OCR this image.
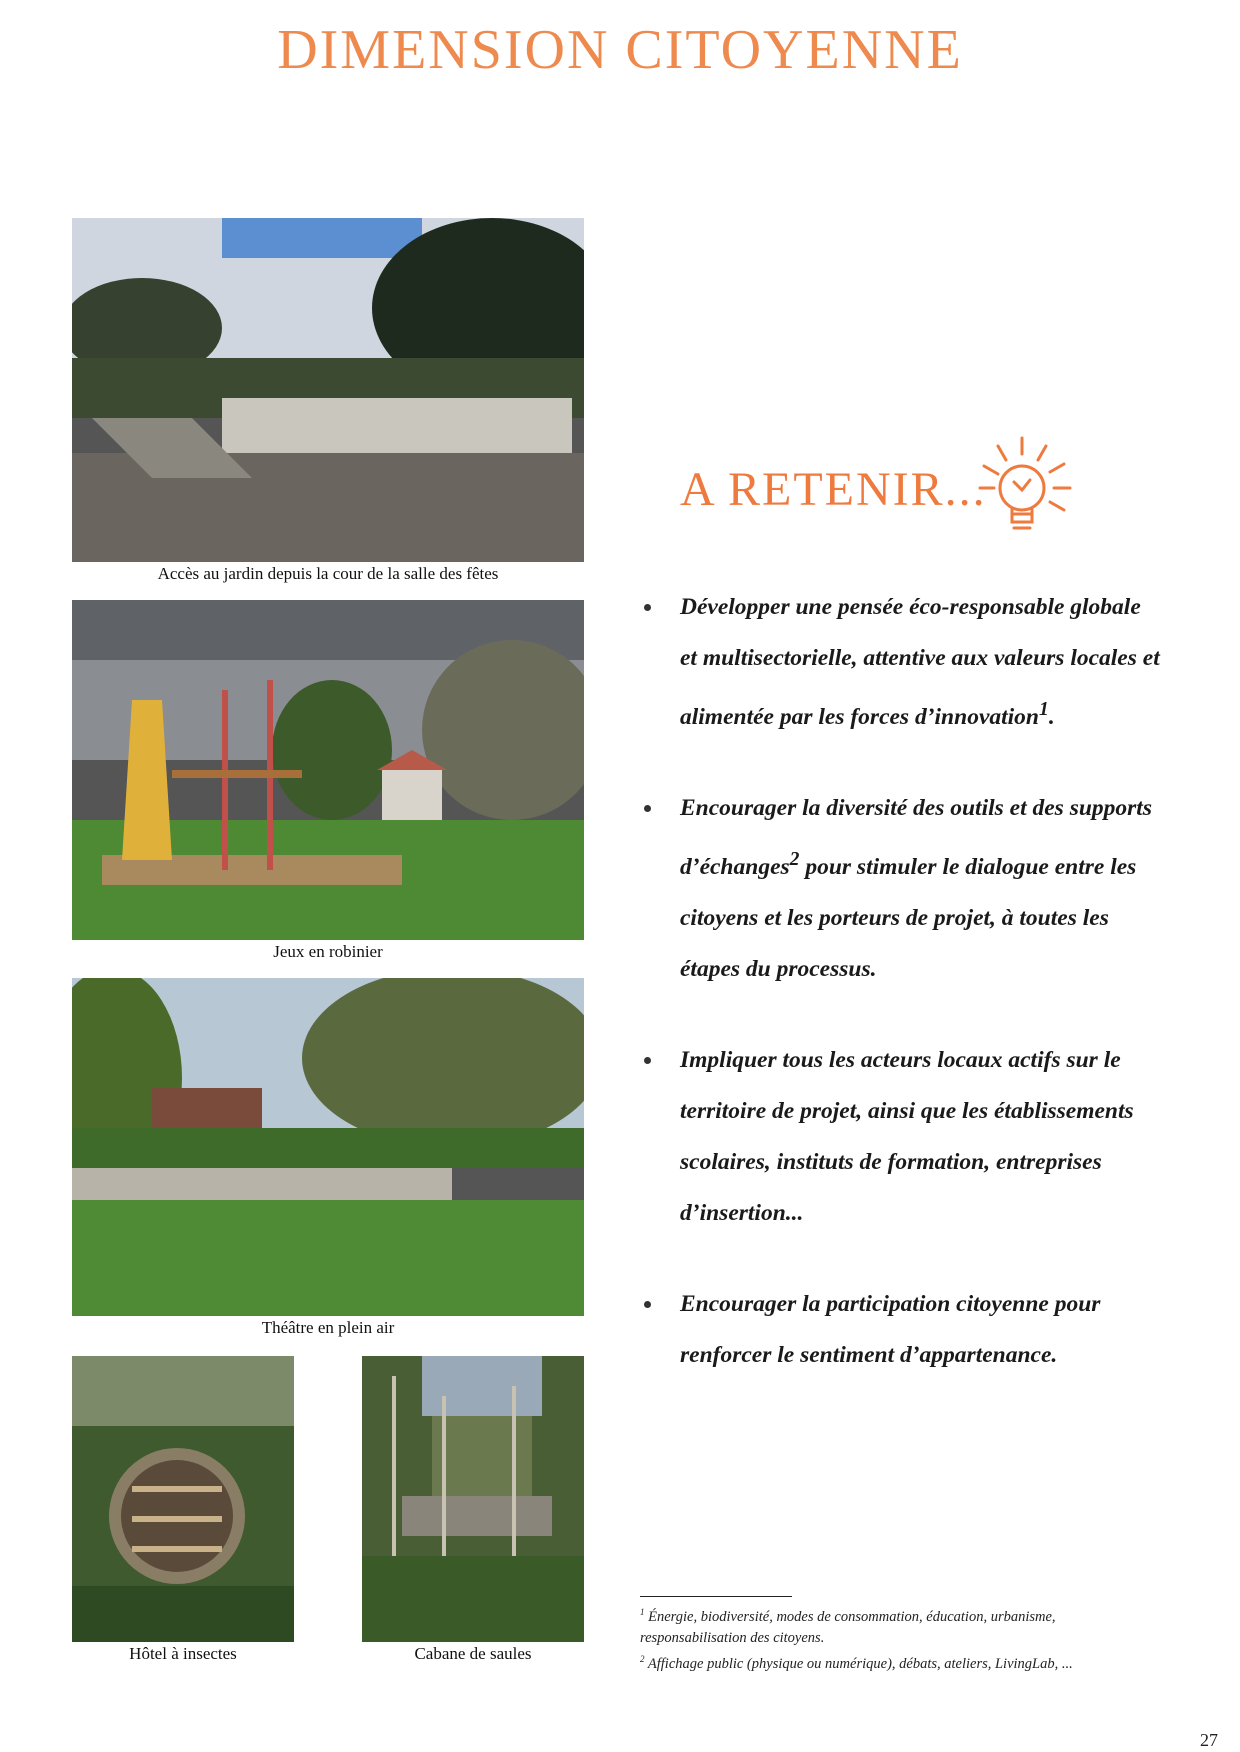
DIMENSION CITOYENNE
Accès au jardin depuis la cour de la salle des fêtes
Jeux en robinier
Théâtre en plein air
Hôtel à insectes	Cabane de saules
A RETENIR...
Développer une pensée éco-responsable globale et multisectorielle, attentive aux valeurs locales et alimentée par les forces d’innovation$^1$.
Encourager la diversité des outils et des supports d’échanges$^2$ pour stimuler le dialogue entre les citoyens et les porteurs de projet, à toutes les étapes du processus.
Impliquer tous les acteurs locaux actifs sur le territoire de projet, ainsi que les établissements scolaires, instituts de formation, entreprises d’insertion...
Encourager la participation citoyenne pour renforcer le sentiment d’appartenance.
$^1$ Énergie, biodiversité, modes de consommation, éducation, urbanisme, responsabilisation des citoyens.
$^2$ Affichage public (physique ou numérique), débats, ateliers, LivingLab, ...
27
